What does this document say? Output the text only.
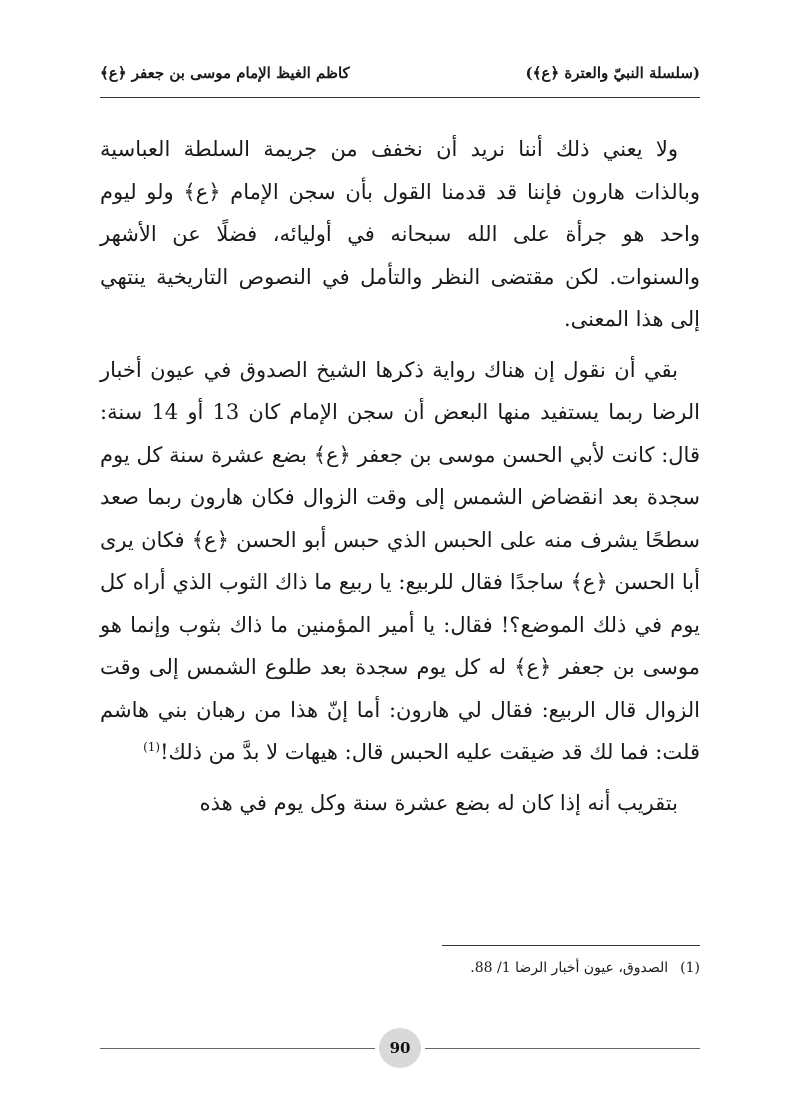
كاظم الغيظ الإمام موسى بن جعفر ﴿ع﴾	(سلسلة النبيّ والعترة ﴿ع﴾)

ولا يعني ذلك أننا نريد أن نخفف من جريمة السلطة العباسية وبالذات هارون فإننا قد قدمنا القول بأن سجن الإمام ﴿ع﴾ ولو ليوم واحد هو جرأة على الله سبحانه في أوليائه، فضلًا عن الأشهر والسنوات. لكن مقتضى النظر والتأمل في النصوص التاريخية ينتهي إلى هذا المعنى.

بقي أن نقول إن هناك رواية ذكرها الشيخ الصدوق في عيون أخبار الرضا ربما يستفيد منها البعض أن سجن الإمام كان 13 أو 14 سنة: قال: كانت لأبي الحسن موسى بن جعفر ﴿ع﴾ بضع عشرة سنة كل يوم سجدة بعد انقضاض الشمس إلى وقت الزوال فكان هارون ربما صعد سطحًا يشرف منه على الحبس الذي حبس أبو الحسن ﴿ع﴾ فكان يرى أبا الحسن ﴿ع﴾ ساجدًا فقال للربيع: يا ربيع ما ذاك الثوب الذي أراه كل يوم في ذلك الموضع؟! فقال: يا أمير المؤمنين ما ذاك بثوب وإنما هو موسى بن جعفر ﴿ع﴾ له كل يوم سجدة بعد طلوع الشمس إلى وقت الزوال قال الربيع: فقال لي هارون: أما إنّ هذا من رهبان بني هاشم قلت: فما لك قد ضيقت عليه الحبس قال: هيهات لا بدَّ من ذلك!$^{(1)}$

بتقريب أنه إذا كان له بضع عشرة سنة وكل يوم في هذه

(1)الصدوق، عيون أخبار الرضا 1/ 88.
90
